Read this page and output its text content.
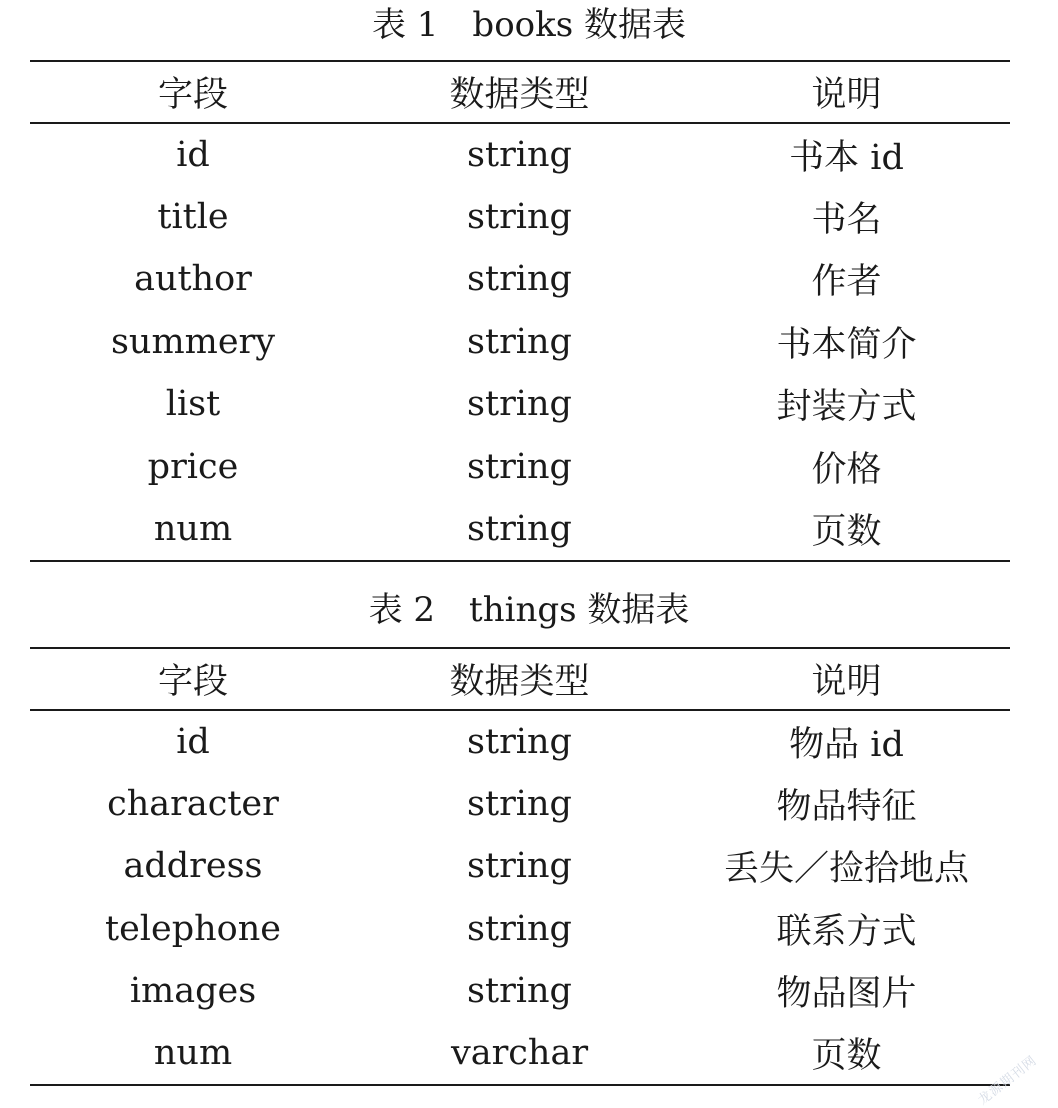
表 1　books 数据表
字段	数据类型	说明
id	string	书本 id
title	string	书名
author	string	作者
summery	string	书本简介
list	string	封装方式
price	string	价格
num	string	页数
表 2　things 数据表
字段	数据类型	说明
id	string	物品 id
character	string	物品特征
address	string	丢失／捡拾地点
telephone	string	联系方式
images	string	物品图片
num	varchar	页数	龙源期刊网
